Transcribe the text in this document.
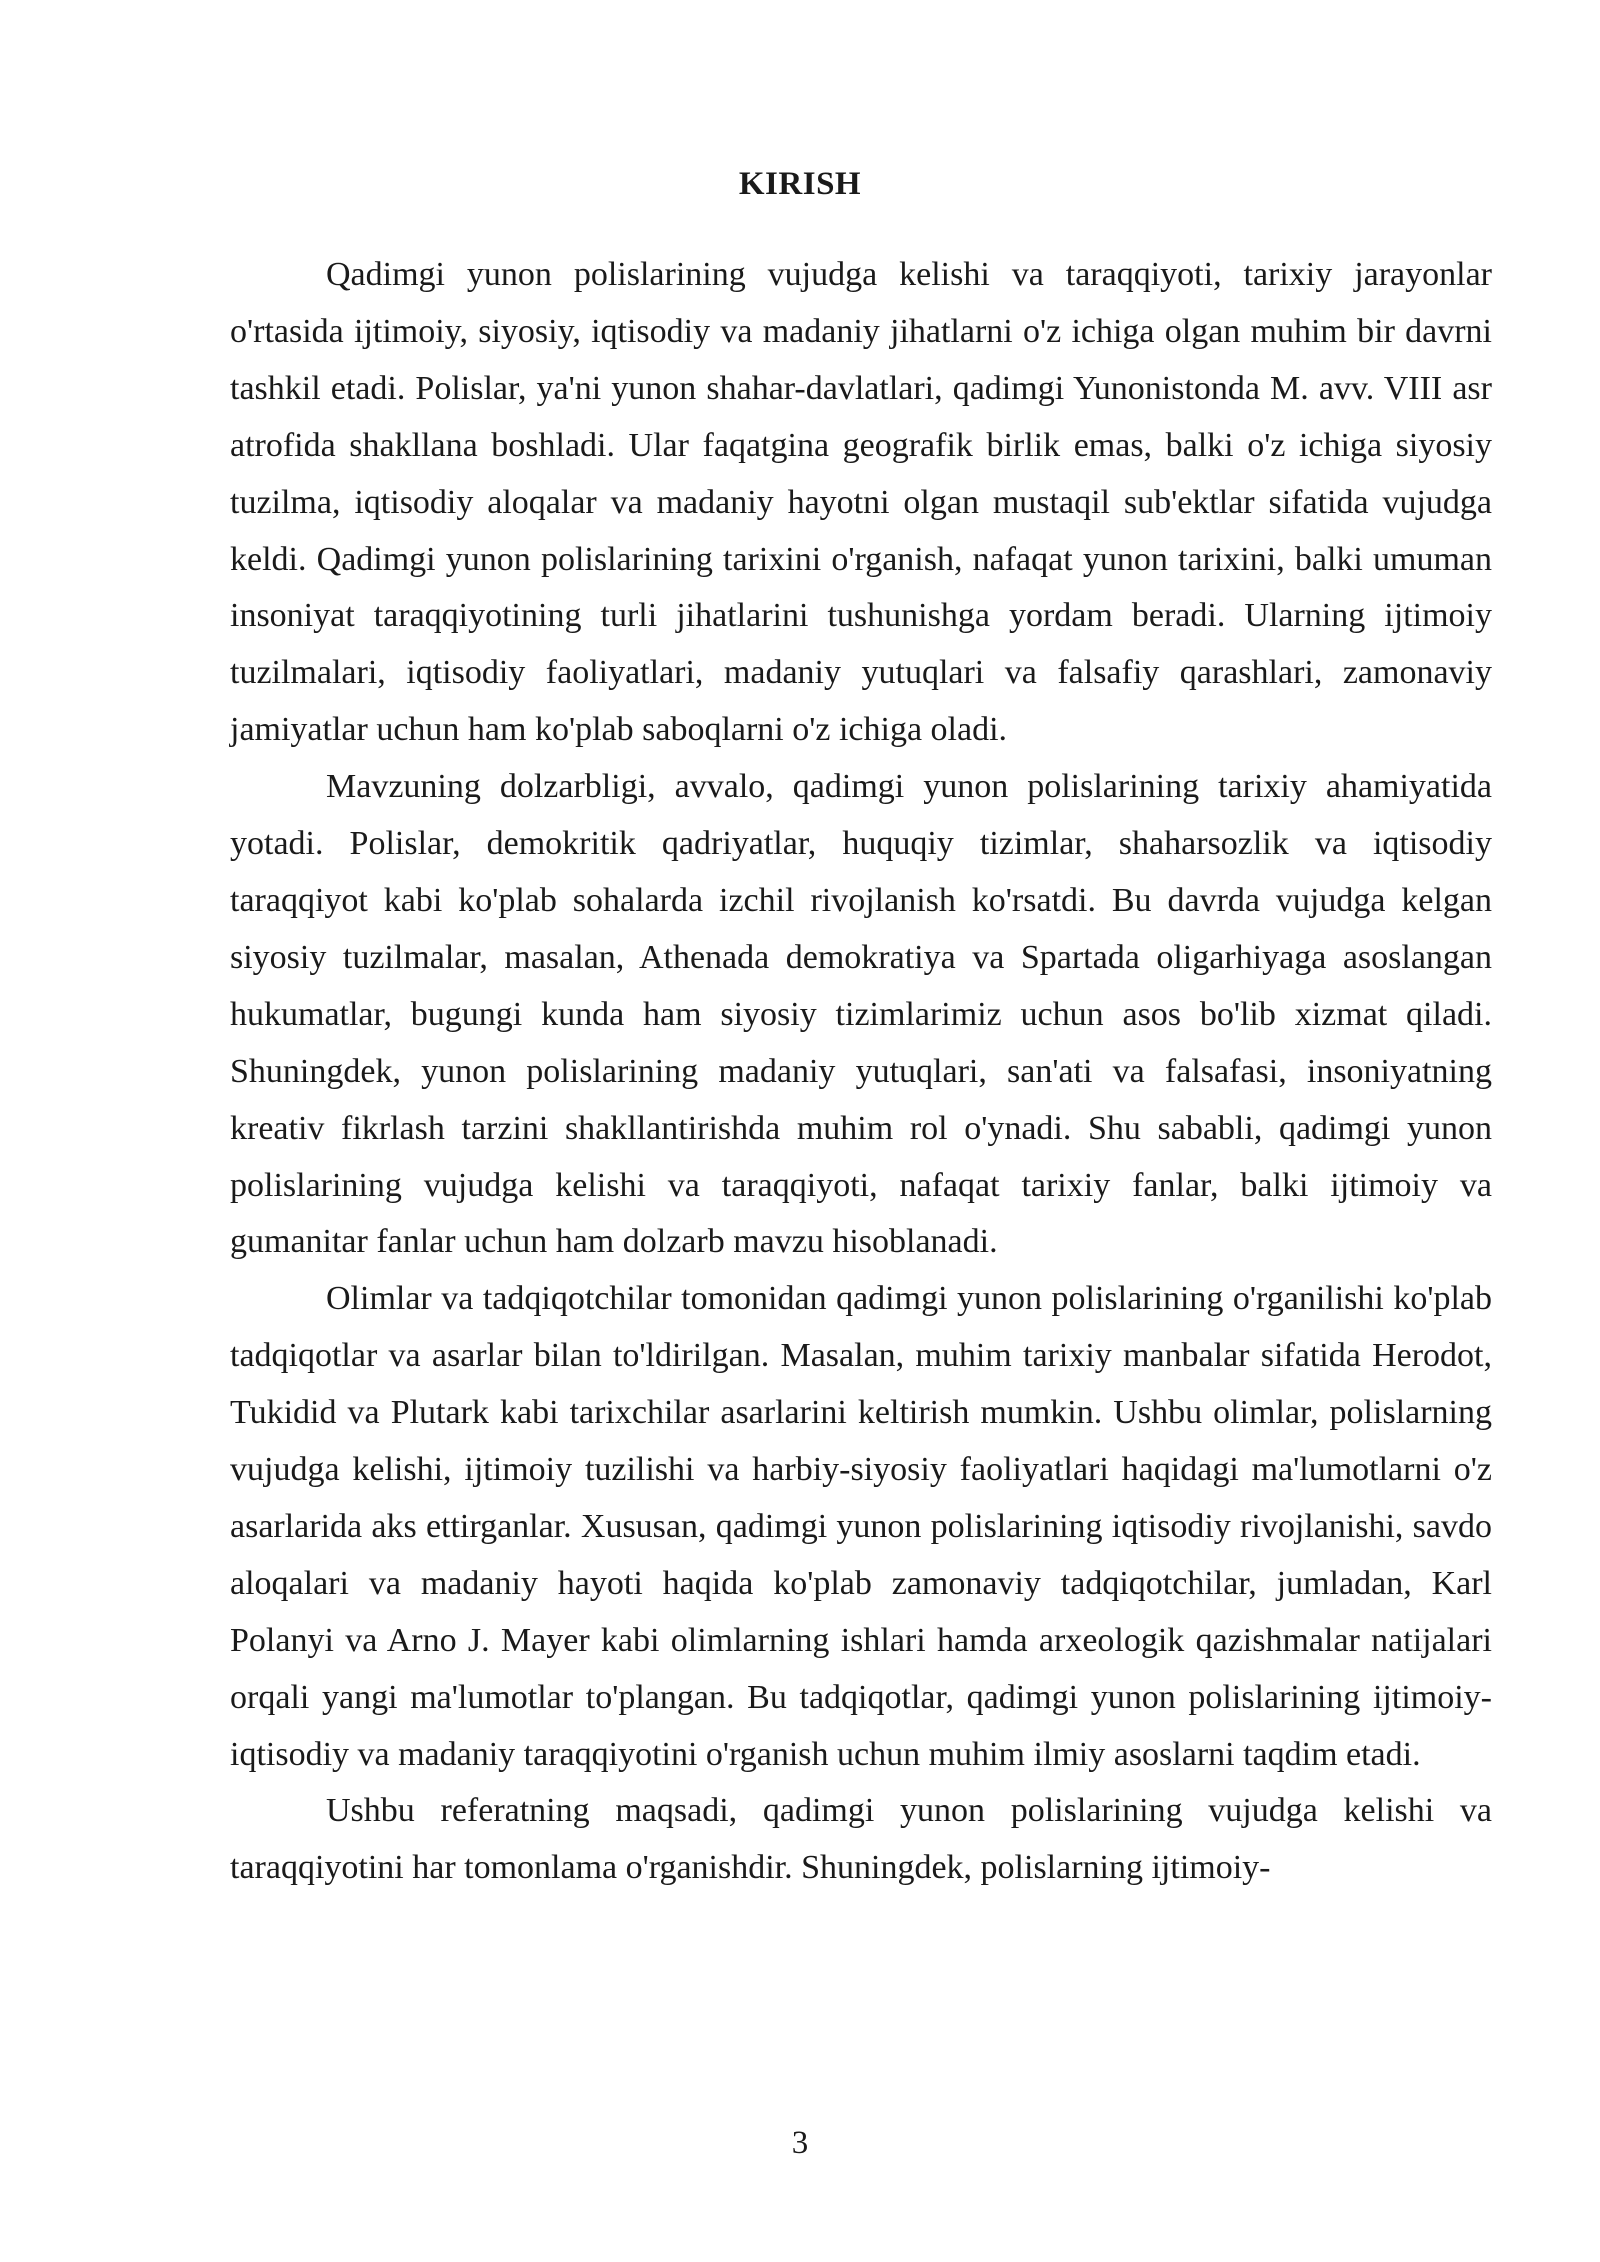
KIRISH

Qadimgi yunon polislarining vujudga kelishi va taraqqiyoti, tarixiy jarayonlar o'rtasida ijtimoiy, siyosiy, iqtisodiy va madaniy jihatlarni o'z ichiga olgan muhim bir davrni tashkil etadi. Polislar, ya'ni yunon shahar-davlatlari, qadimgi Yunonistonda M. avv. VIII asr atrofida shakllana boshladi. Ular faqatgina geografik birlik emas, balki o'z ichiga siyosiy tuzilma, iqtisodiy aloqalar va madaniy hayotni olgan mustaqil sub'ektlar sifatida vujudga keldi. Qadimgi yunon polislarining tarixini o'rganish, nafaqat yunon tarixini, balki umuman insoniyat taraqqiyotining turli jihatlarini tushunishga yordam beradi. Ularning ijtimoiy tuzilmalari, iqtisodiy faoliyatlari, madaniy yutuqlari va falsafiy qarashlari, zamonaviy jamiyatlar uchun ham ko'plab saboqlarni o'z ichiga oladi.

Mavzuning dolzarbligi, avvalo, qadimgi yunon polislarining tarixiy ahamiyatida yotadi. Polislar, demokritik qadriyatlar, huquqiy tizimlar, shaharsozlik va iqtisodiy taraqqiyot kabi ko'plab sohalarda izchil rivojlanish ko'rsatdi. Bu davrda vujudga kelgan siyosiy tuzilmalar, masalan, Athenada demokratiya va Spartada oligarhiyaga asoslangan hukumatlar, bugungi kunda ham siyosiy tizimlarimiz uchun asos bo'lib xizmat qiladi. Shuningdek, yunon polislarining madaniy yutuqlari, san'ati va falsafasi, insoniyatning kreativ fikrlash tarzini shakllantirishda muhim rol o'ynadi. Shu sababli, qadimgi yunon polislarining vujudga kelishi va taraqqiyoti, nafaqat tarixiy fanlar, balki ijtimoiy va gumanitar fanlar uchun ham dolzarb mavzu hisoblanadi.

Olimlar va tadqiqotchilar tomonidan qadimgi yunon polislarining o'rganilishi ko'plab tadqiqotlar va asarlar bilan to'ldirilgan. Masalan, muhim tarixiy manbalar sifatida Herodot, Tukidid va Plutark kabi tarixchilar asarlarini keltirish mumkin. Ushbu olimlar, polislarning vujudga kelishi, ijtimoiy tuzilishi va harbiy-siyosiy faoliyatlari haqidagi ma'lumotlarni o'z asarlarida aks ettirganlar. Xususan, qadimgi yunon polislarining iqtisodiy rivojlanishi, savdo aloqalari va madaniy hayoti haqida ko'plab zamonaviy tadqiqotchilar, jumladan, Karl Polanyi va Arno J. Mayer kabi olimlarning ishlari hamda arxeologik qazishmalar natijalari orqali yangi ma'lumotlar to'plangan. Bu tadqiqotlar, qadimgi yunon polislarining ijtimoiy-iqtisodiy va madaniy taraqqiyotini o'rganish uchun muhim ilmiy asoslarni taqdim etadi.

Ushbu referatning maqsadi, qadimgi yunon polislarining vujudga kelishi va taraqqiyotini har tomonlama o'rganishdir. Shuningdek, polislarning ijtimoiy-

3
